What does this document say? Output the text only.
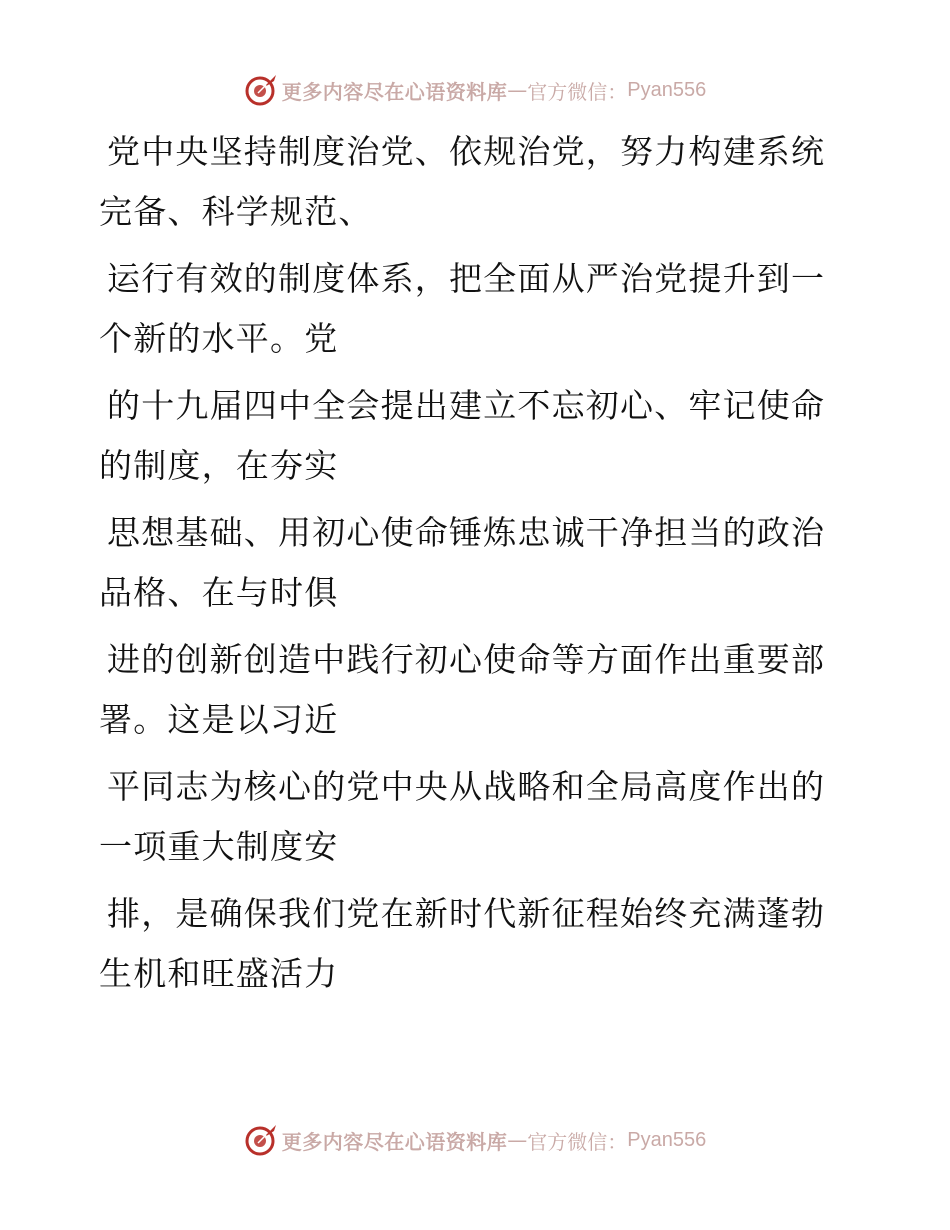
更多内容尽在心语资料库 — 官方微信： Pyan556

党中央坚持制度治党、依规治党，努力构建系统完备、科学规范、

运行有效的制度体系，把全面从严治党提升到一个新的水平。党

的十九届四中全会提出建立不忘初心、牢记使命的制度，在夯实

思想基础、用初心使命锤炼忠诚干净担当的政治品格、在与时俱

进的创新创造中践行初心使命等方面作出重要部署。这是以习近

平同志为核心的党中央从战略和全局高度作出的一项重大制度安

排，是确保我们党在新时代新征程始终充满蓬勃生机和旺盛活力

更多内容尽在心语资料库 — 官方微信： Pyan556
